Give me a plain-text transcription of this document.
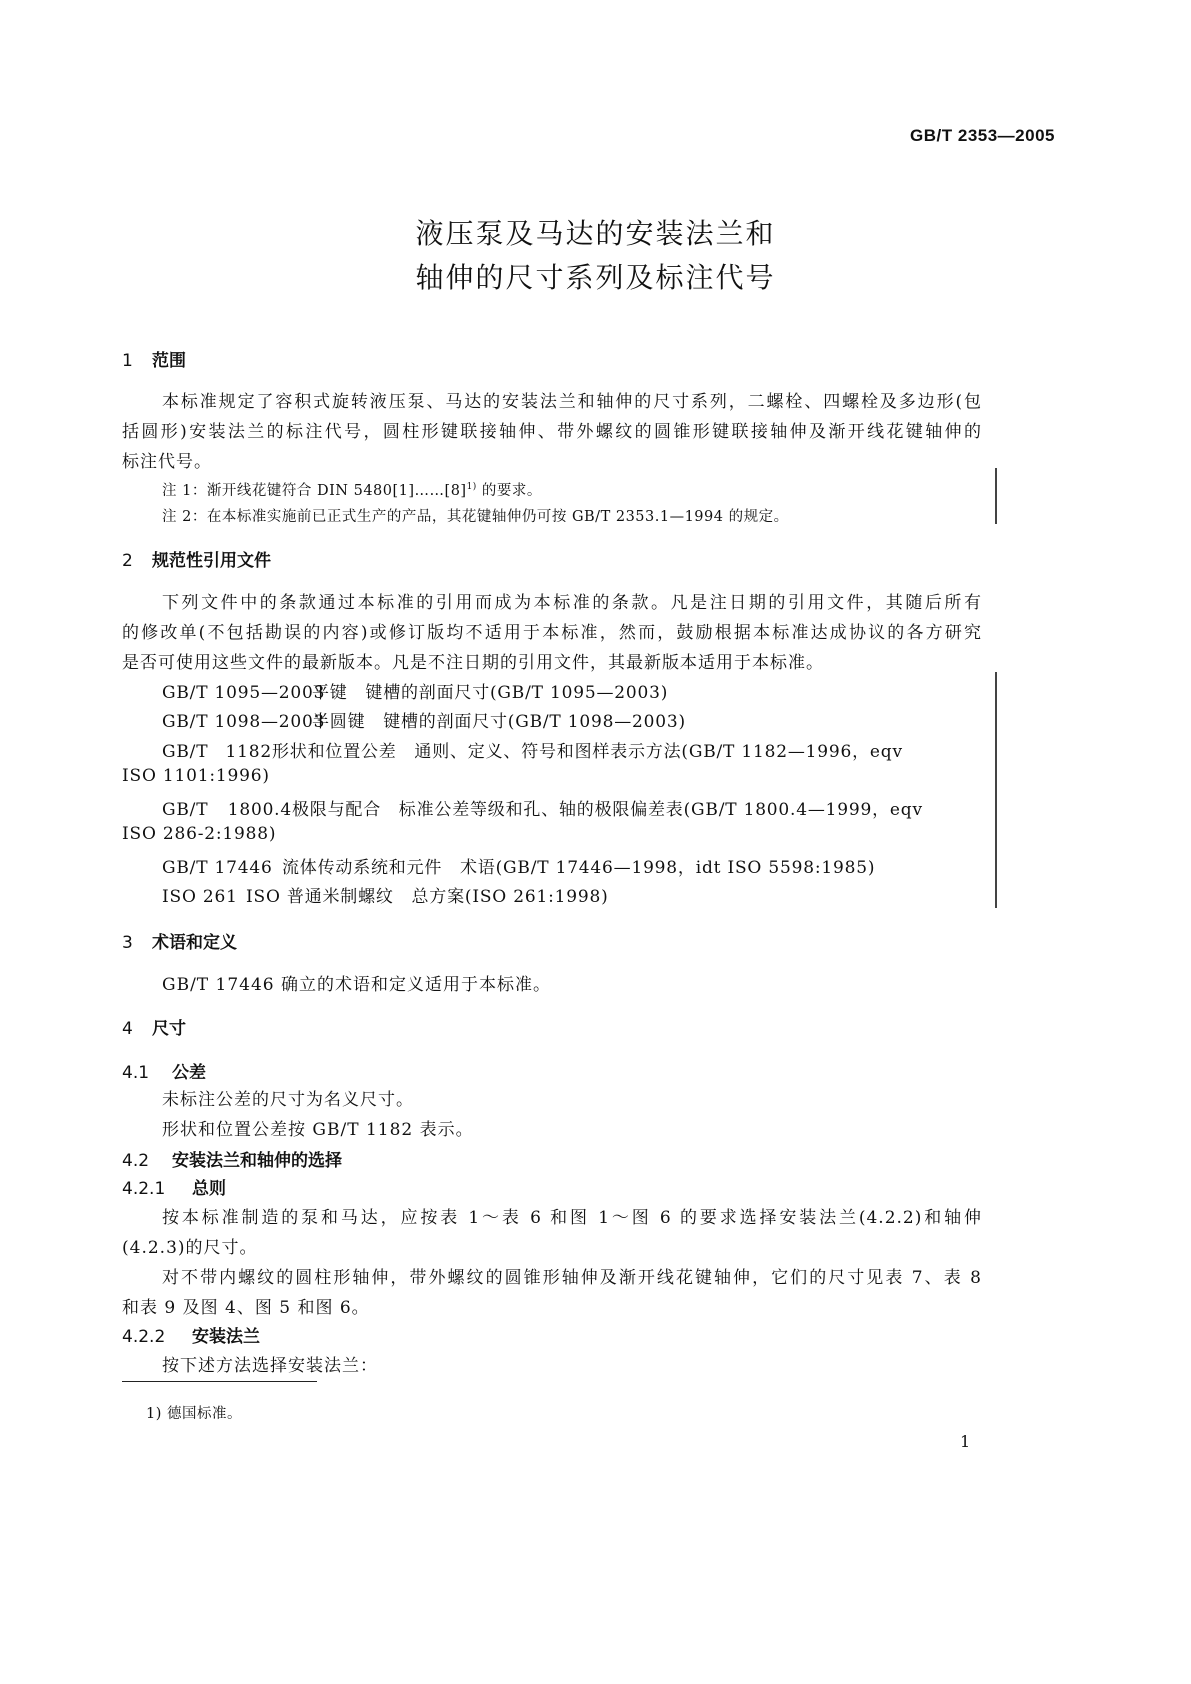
GB/T 2353—2005
液压泵及马达的安装法兰和
轴伸的尺寸系列及标注代号
1 范围
本标准规定了容积式旋转液压泵、马达的安装法兰和轴伸的尺寸系列，二螺栓、四螺栓及多边形(包
括圆形)安装法兰的标注代号，圆柱形键联接轴伸、带外螺纹的圆锥形键联接轴伸及渐开线花键轴伸的
标注代号。
注 1：渐开线花键符合 DIN $5480[1]\dots\dots[8]^{1)}$ 的要求。
注 2：在本标准实施前已正式生产的产品，其花键轴伸仍可按 GB/T 2353.1—1994 的规定。
2 规范性引用文件
下列文件中的条款通过本标准的引用而成为本标准的条款。凡是注日期的引用文件，其随后所有
的修改单(不包括勘误的内容)或修订版均不适用于本标准，然而，鼓励根据本标准达成协议的各方研究
是否可使用这些文件的最新版本。凡是不注日期的引用文件，其最新版本适用于本标准。
GB/T 1095—2003平键　键槽的剖面尺寸(GB/T 1095—2003)
GB/T 1098—2003半圆键　键槽的剖面尺寸(GB/T 1098—2003)
GB/T 1182形状和位置公差　通则、定义、符号和图样表示方法(GB/T 1182—1996，eqv
ISO 1101:1996)
GB/T 1800.4极限与配合　标准公差等级和孔、轴的极限偏差表(GB/T 1800.4—1999，eqv
ISO 286-2:1988)
GB/T 17446 流体传动系统和元件　术语(GB/T 17446—1998，idt ISO 5598:1985)
ISO 261 ISO 普通米制螺纹　总方案(ISO 261:1998)
3 术语和定义
GB/T 17446 确立的术语和定义适用于本标准。
4 尺寸
4.1 公差
未标注公差的尺寸为名义尺寸。
形状和位置公差按 GB/T 1182 表示。
4.2 安装法兰和轴伸的选择
4.2.1 总则
按本标准制造的泵和马达，应按表 1～表 6 和图 1～图 6 的要求选择安装法兰(4.2.2)和轴伸
(4.2.3)的尺寸。
对不带内螺纹的圆柱形轴伸，带外螺纹的圆锥形轴伸及渐开线花键轴伸，它们的尺寸见表 7、表 8
和表 9 及图 4、图 5 和图 6。
4.2.2 安装法兰
按下述方法选择安装法兰：
1) 德国标准。
1
